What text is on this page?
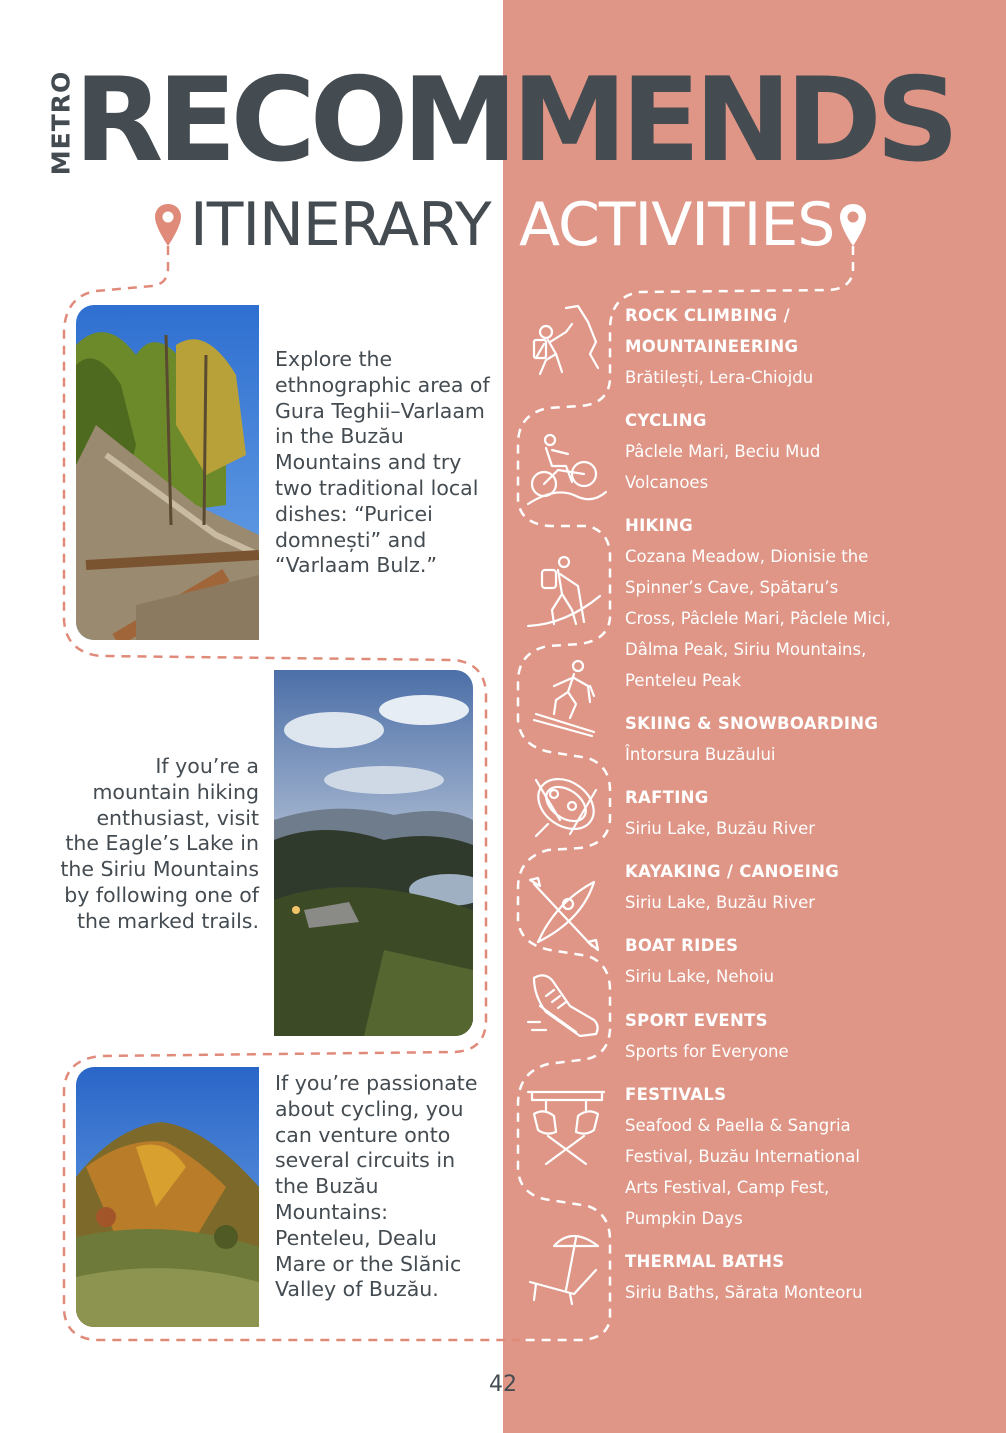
METRO
RECOMMENDS
ITINERARY ACTIVITIES
Explore the ethnographic area of Gura Teghii–Varlaam in the Buzău Mountains and try two traditional local dishes: “Puricei domnești” and “Varlaam Bulz.”
If you’re a mountain hiking enthusiast, visit the Eagle’s Lake in the Siriu Mountains by following one of the marked trails.
If you’re passionate about cycling, you can venture onto several circuits in the Buzău Mountains: Penteleu, Dealu Mare or the Slănic Valley of Buzău.
ROCK CLIMBING / MOUNTAINEERING
Brătilești, Lera-Chiojdu
CYCLING
Pâclele Mari, Beciu Mud Volcanoes
HIKING
Cozana Meadow, Dionisie the Spinner’s Cave, Spătaru’s Cross, Pâclele Mari, Pâclele Mici, Dâlma Peak, Siriu Mountains, Penteleu Peak
SKIING & SNOWBOARDING
Întorsura Buzăului
RAFTING
Siriu Lake, Buzău River
KAYAKING / CANOEING
Siriu Lake, Buzău River
BOAT RIDES
Siriu Lake, Nehoiu
SPORT EVENTS
Sports for Everyone
FESTIVALS
Seafood & Paella & Sangria Festival, Buzău International Arts Festival, Camp Fest, Pumpkin Days
THERMAL BATHS
Siriu Baths, Sărata Monteoru
42
